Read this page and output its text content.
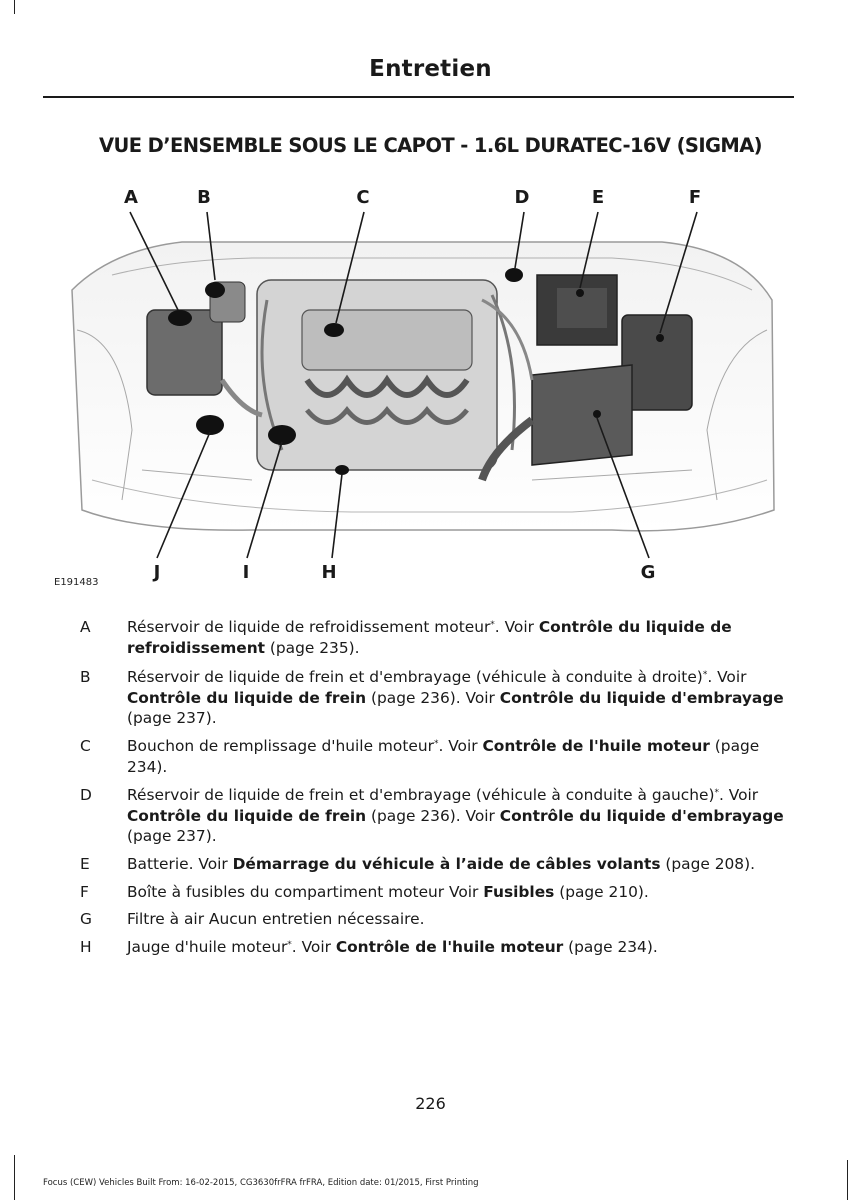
Entretien
VUE D’ENSEMBLE SOUS LE CAPOT - 1.6L DURATEC-16V (SIGMA)
A	B	C	D	E	F
J	I	H	G
E191483
A	Réservoir de liquide de refroidissement moteur*. Voir Contrôle du liquide de refroidissement (page 235).
B	Réservoir de liquide de frein et d'embrayage (véhicule à conduite à droite)*. Voir Contrôle du liquide de frein (page 236). Voir Contrôle du liquide d'embrayage (page 237).
C	Bouchon de remplissage d'huile moteur*. Voir Contrôle de l'huile moteur (page 234).
D	Réservoir de liquide de frein et d'embrayage (véhicule à conduite à gauche)*. Voir Contrôle du liquide de frein (page 236). Voir Contrôle du liquide d'embrayage (page 237).
E	Batterie. Voir Démarrage du véhicule à l’aide de câbles volants (page 208).
F	Boîte à fusibles du compartiment moteur Voir Fusibles (page 210).
G	Filtre à air Aucun entretien nécessaire.
H	Jauge d'huile moteur*. Voir Contrôle de l'huile moteur (page 234).
226
Focus (CEW) Vehicles Built From: 16-02-2015, CG3630frFRA frFRA, Edition date: 01/2015, First Printing
